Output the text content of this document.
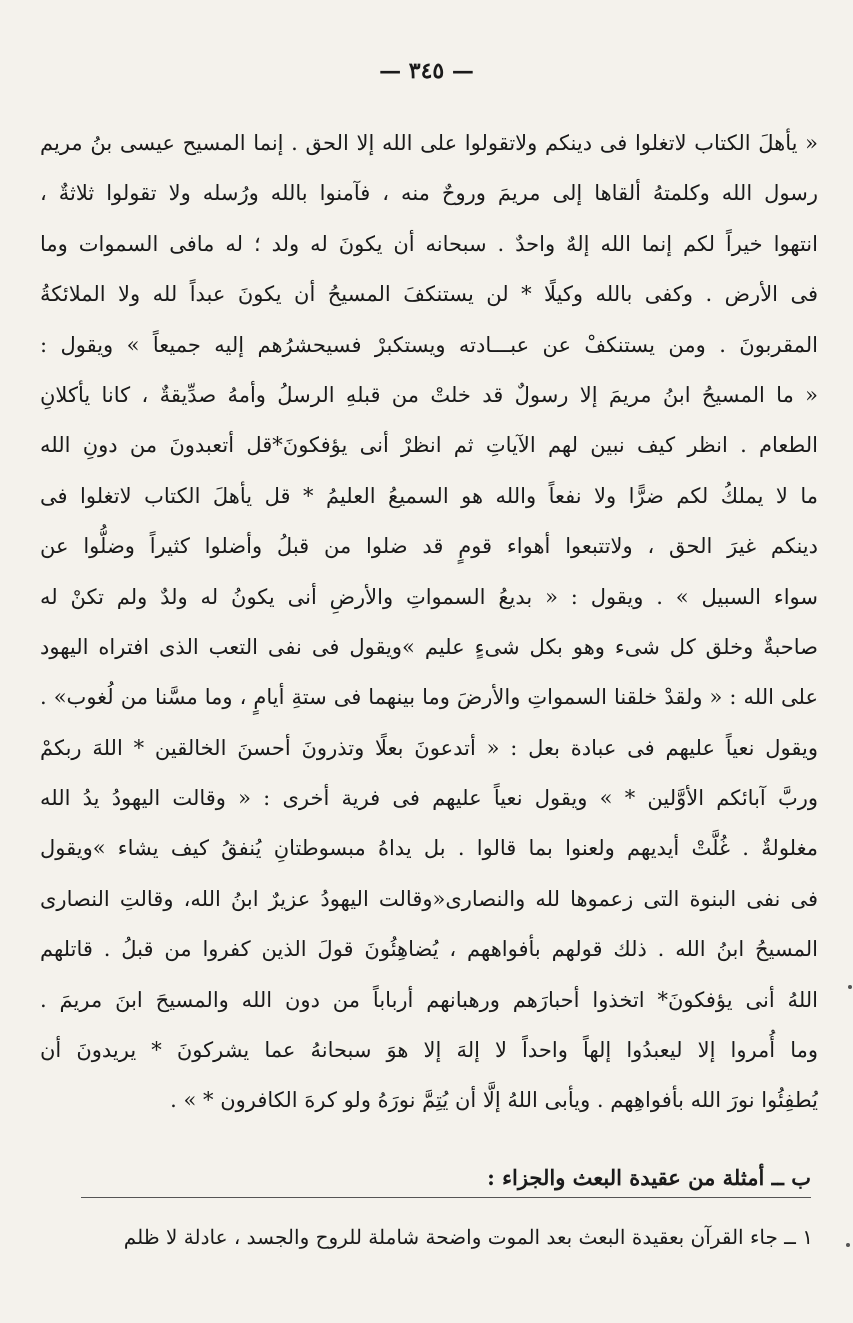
— ٣٤٥ —
« يأهلَ الكتاب لاتغلوا فى دينكم ولاتقولوا على الله إلا الحق . إنما المسيح عيسى بنُ مريم
رسول الله وكلمتهُ ألقاها إلى مريمَ وروحٌ منه ، فآمنوا بالله ورُسله ولا تقولوا ثلاثةٌ ،
انتهوا خيراً لكم إنما الله إلهٌ واحدٌ . سبحانه أن يكونَ له ولد ؛ له مافى السموات وما
فى الأرض . وكفى بالله وكيلًا * لن يستنكفَ المسيحُ أن يكونَ عبداً لله ولا الملائكةُ
المقربونَ . ومن يستنكفْ عن عبـــادته ويستكبرْ فسيحشرُهم إليه جميعاً » ويقول :
« ما المسيحُ ابنُ مريمَ إلا رسولٌ قد خلتْ من قبلهِ الرسلُ وأمهُ صدِّيقةٌ ، كانا يأكلانِ
الطعام . انظر كيف نبين لهم الآياتِ ثم انظرْ أنى يؤفكونَ*قل أتعبدونَ من دونِ الله
ما لا يملكُ لكم ضرًّا ولا نفعاً والله هو السميعُ العليمُ * قل يأهلَ الكتاب لاتغلوا فى
دينكم غيرَ الحق ، ولاتتبعوا أهواء قومٍ قد ضلوا من قبلُ وأضلوا كثيراً وضلُّوا عن
سواء السبيل » . ويقول : « بديعُ السمواتِ والأرضِ أنى يكونُ له ولدٌ ولم تكنْ له
صاحبةٌ وخلق كل شىء وهو بكل شىءٍ عليم »ويقول فى نفى التعب الذى افتراه اليهود
على الله : « ولقدْ خلقنا السمواتِ والأرضَ وما بينهما فى ستةِ أيامٍ ، وما مسَّنا من لُغوب» .
ويقول نعياً عليهم فى عبادة بعل : « أتدعونَ بعلًا وتذرونَ أحسنَ الخالقين * اللهَ ربكمْ
وربَّ آبائكم الأوَّلين * » ويقول نعياً عليهم فى فرية أخرى : « وقالت اليهودُ يدُ الله
مغلولةٌ . غُلَّتْ أيديهم ولعنوا بما قالوا . بل يداهُ مبسوطتانِ يُنفقُ كيف يشاء »ويقول
فى نفى البنوة التى زعموها لله والنصارى«وقالت اليهودُ عزيرٌ ابنُ الله، وقالتِ النصارى
المسيحُ ابنُ الله . ذلك قولهم بأفواههم ، يُضاهِئُونَ قولَ الذين كفروا من قبلُ . قاتلهم
اللهُ أنى يؤفكونَ* اتخذوا أحبارَهم ورهبانهم أرباباً من دون الله والمسيحَ ابنَ مريمَ .
وما أُمروا إلا ليعبدُوا إلهاً واحداً لا إلهَ إلا هوَ سبحانهُ عما يشركونَ * يريدونَ أن
يُطفِئُوا نورَ الله بأفواهِهم . ويأبى اللهُ إلَّا أن يُتِمَّ نورَهُ ولو كرهَ الكافرون * » .
ب ــ أمثلة من عقيدة البعث والجزاء :
١ ــ جاء القرآن بعقيدة البعث بعد الموت واضحة شاملة للروح والجسد ، عادلة لا ظلم
